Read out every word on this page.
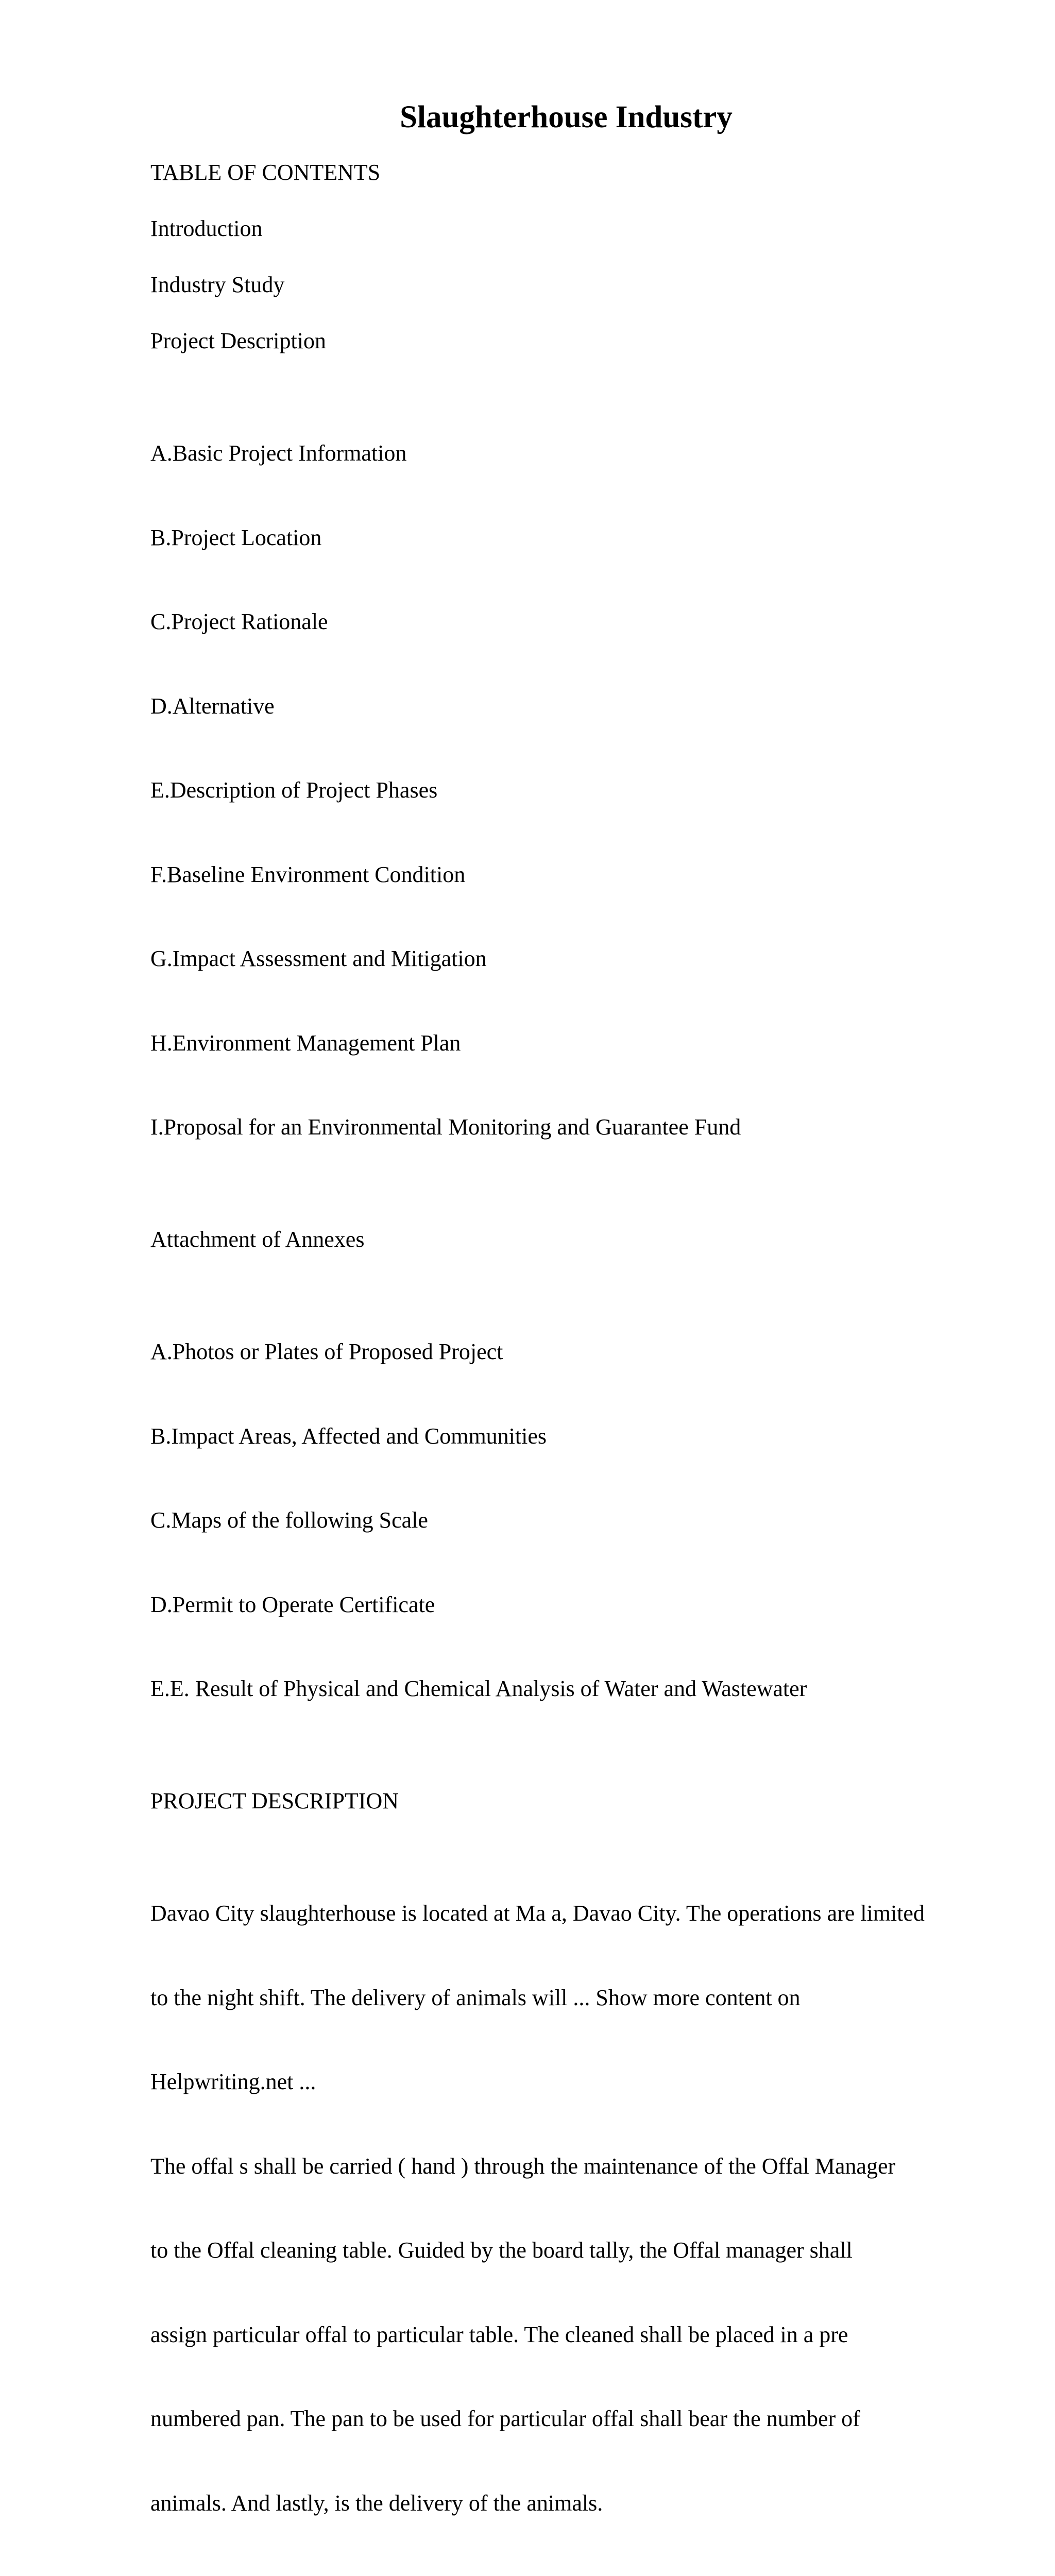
Slaughterhouse Industry

TABLE OF CONTENTS

Introduction

Industry Study

Project Description

A.Basic Project Information

B.Project Location

C.Project Rationale

D.Alternative

E.Description of Project Phases

F.Baseline Environment Condition

G.Impact Assessment and Mitigation

H.Environment Management Plan

I.Proposal for an Environmental Monitoring and Guarantee Fund

Attachment of Annexes

A.Photos or Plates of Proposed Project

B.Impact Areas, Affected and Communities

C.Maps of the following Scale

D.Permit to Operate Certificate

E.E. Result of Physical and Chemical Analysis of Water and Wastewater

PROJECT DESCRIPTION

Davao City slaughterhouse is located at Ma a, Davao City. The operations are limited

to the night shift. The delivery of animals will ... Show more content on

Helpwriting.net ...

The offal s shall be carried ( hand ) through the maintenance of the Offal Manager

to the Offal cleaning table. Guided by the board tally, the Offal manager shall

assign particular offal to particular table. The cleaned shall be placed in a pre

numbered pan. The pan to be used for particular offal shall bear the number of

animals. And lastly, is the delivery of the animals.
